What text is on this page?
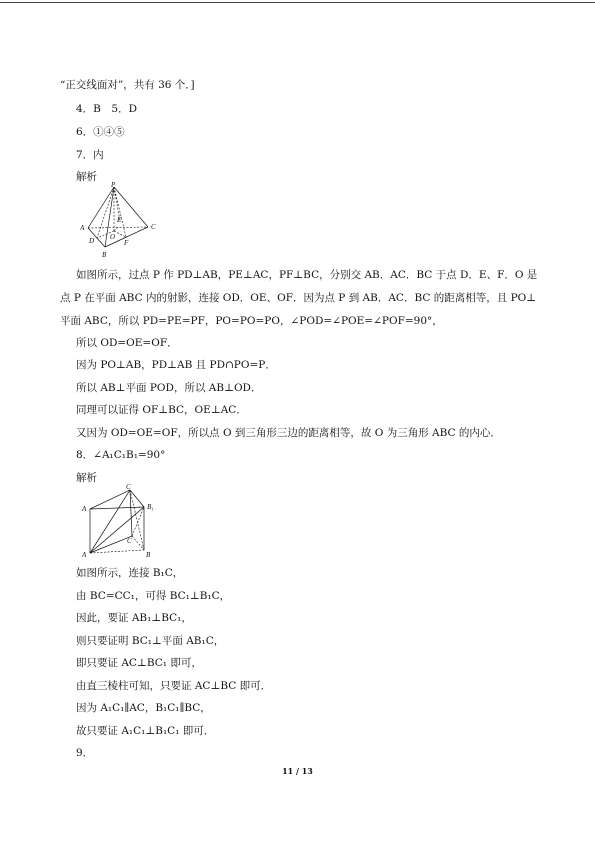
“正交线面对”，共有 36 个．]
4．B　5．D
6．①④⑤
7．内
解析
P
A
B
C
D
E
F
O
如图所示，过点 P 作 PD⊥AB，PE⊥AC，PF⊥BC，分别交 AB．AC．BC 于点 D．E、F．O 是
点 P 在平面 ABC 内的射影，连接 OD．OE、OF．因为点 P 到 AB．AC．BC 的距离相等，且 PO⊥
平面 ABC，所以 PD=PE=PF，PO=PO=PO，∠POD=∠POE=∠POF=90°，
所以 OD=OE=OF．
因为 PO⊥AB，PD⊥AB 且 PD∩PO=P．
所以 AB⊥平面 POD，所以 AB⊥OD．
同理可以证得 OF⊥BC，OE⊥AC．
又因为 OD=OE=OF，所以点 O 到三角形三边的距离相等，故 O 为三角形 ABC 的内心．
8．∠A₁C₁B₁=90°
解析
A
C
B₁
A
C
B
如图所示，连接 B₁C，
由 BC=CC₁，可得 BC₁⊥B₁C，
因此，要证 AB₁⊥BC₁，
则只要证明 BC₁⊥平面 AB₁C，
即只要证 AC⊥BC₁ 即可，
由直三棱柱可知，只要证 AC⊥BC 即可．
因为 A₁C₁∥AC，B₁C₁∥BC，
故只要证 A₁C₁⊥B₁C₁ 即可．
9．
11 / 13
